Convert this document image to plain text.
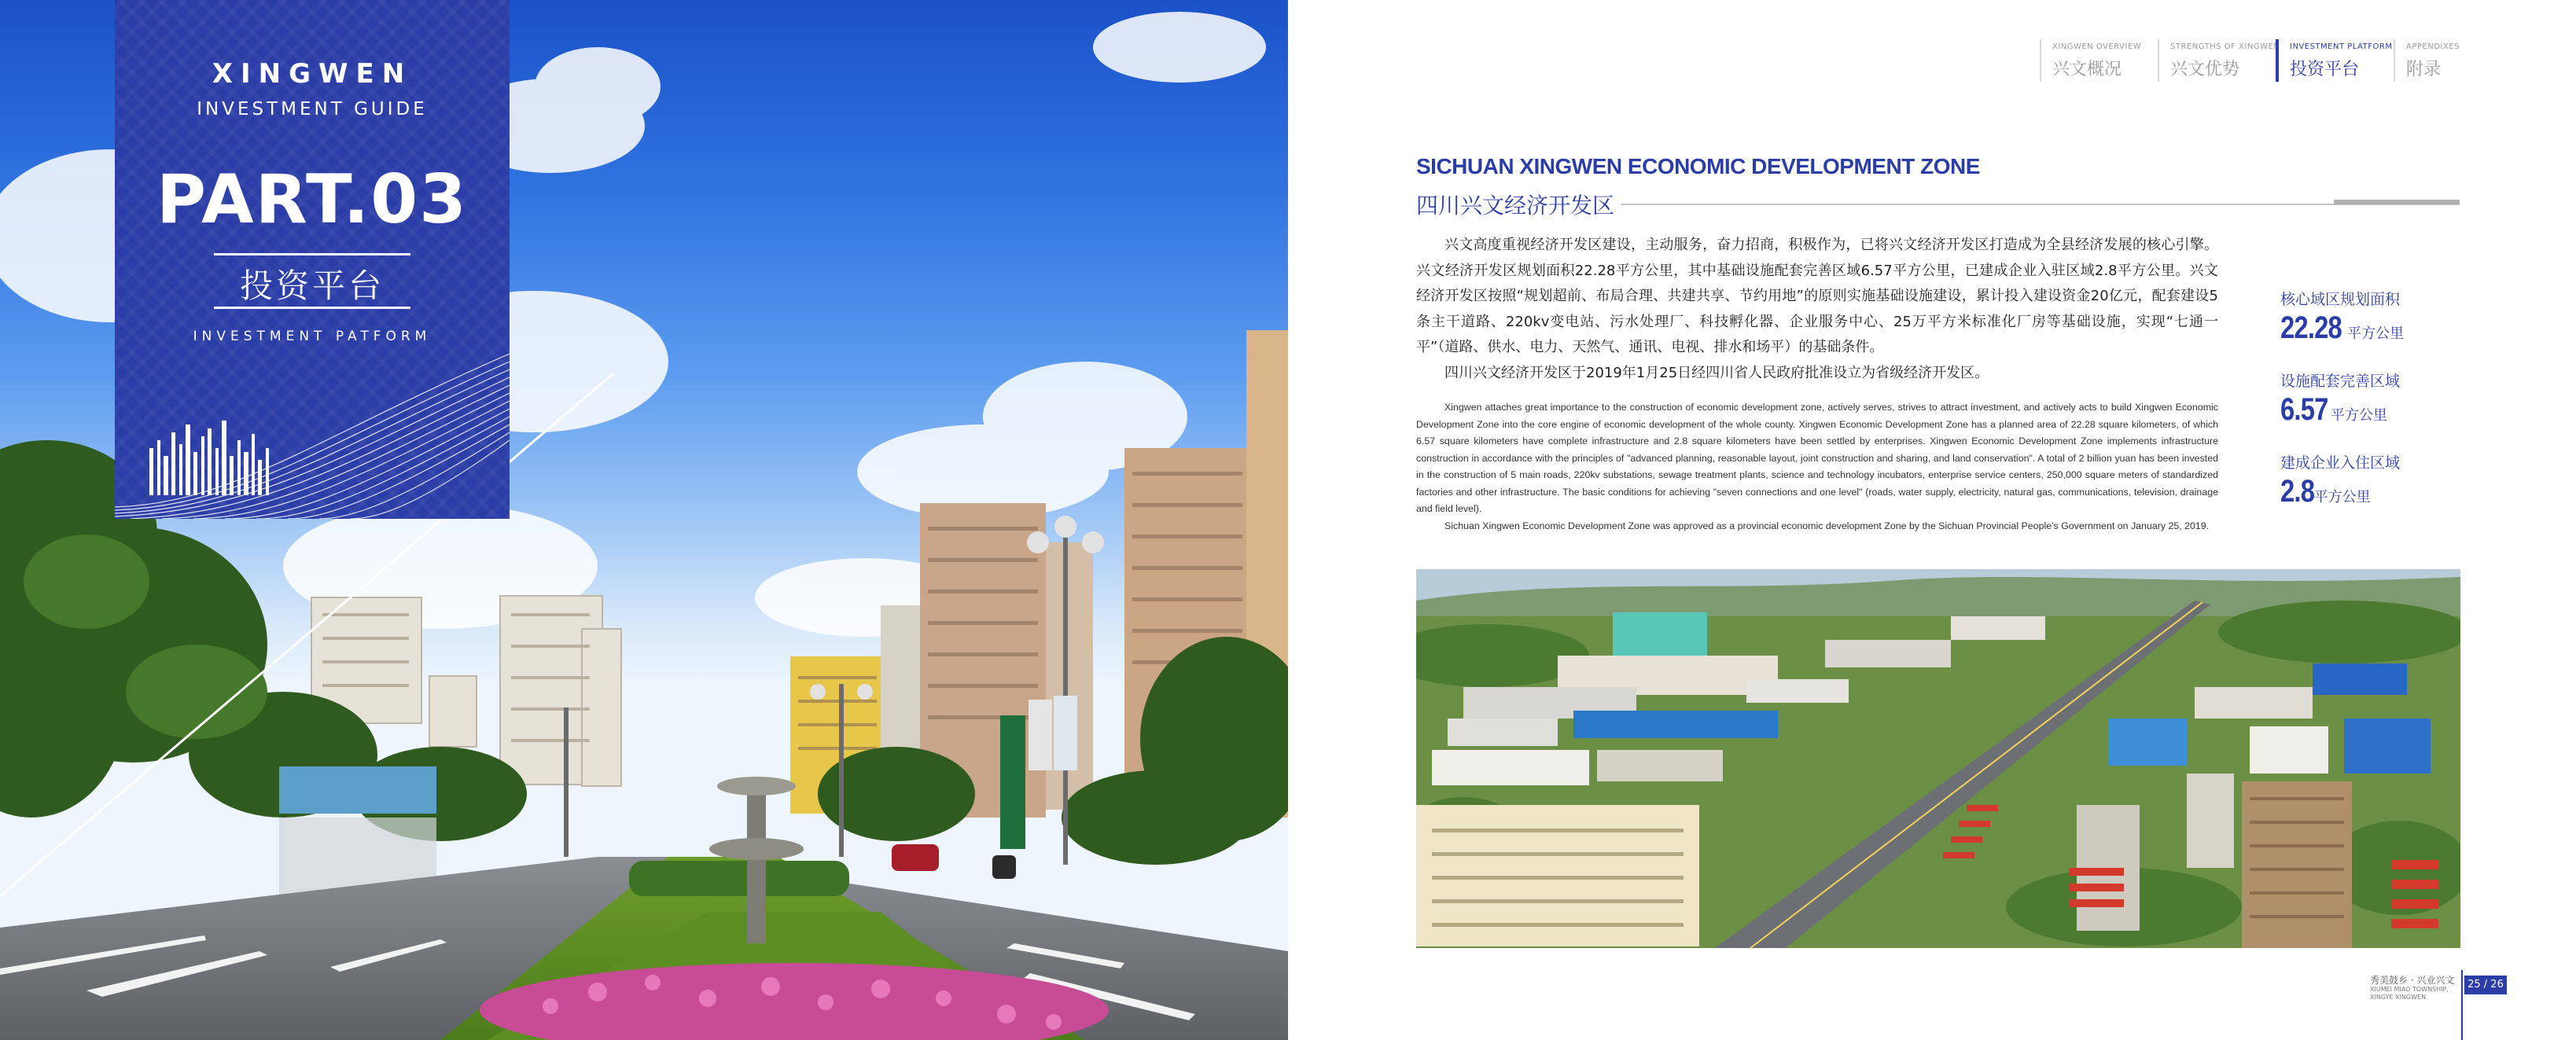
XINGWEN
INVESTMENT GUIDE
PART.03
投资平台
INVESTMENT PATFORM
XINGWEN OVERVIEW
兴文概况
STRENGTHS OF XINGWEN
兴文优势
INVESTMENT PLATFORM
投资平台
APPENDIXES
附录
SICHUAN XINGWEN ECONOMIC DEVELOPMENT ZONE
四川兴文经济开发区

兴文高度重视经济开发区建设，主动服务，奋力招商，积极作为，已将兴文经济开发区打造成为全县经济发展的核心引擎。兴文经济开发区规划面积22.28平方公里，其中基础设施配套完善区域6.57平方公里，已建成企业入驻区域2.8平方公里。兴文经济开发区按照“规划超前、布局合理、共建共享、节约用地”的原则实施基础设施建设，累计投入建设资金20亿元，配套建设5条主干道路、220kv变电站、污水处理厂、科技孵化器、企业服务中心、25万平方米标准化厂房等基础设施，实现“七通一平”（道路、供水、电力、天然气、通讯、电视、排水和场平）的基础条件。

四川兴文经济开发区于2019年1月25日经四川省人民政府批准设立为省级经济开发区。

Xingwen attaches great importance to the construction of economic development zone, actively serves, strives to attract investment, and actively acts to build Xingwen Economic Development Zone into the core engine of economic development of the whole county. Xingwen Economic Development Zone has a planned area of 22.28 square kilometers, of which 6.57 square kilometers have complete infrastructure and 2.8 square kilometers have been settled by enterprises. Xingwen Economic Development Zone implements infrastructure construction in accordance with the principles of "advanced planning, reasonable layout, joint construction and sharing, and land conservation". A total of 2 billion yuan has been invested in the construction of 5 main roads, 220kv substations, sewage treatment plants, science and technology incubators, enterprise service centers, 250,000 square meters of standardized factories and other infrastructure. The basic conditions for achieving "seven connections and one level" (roads, water supply, electricity, natural gas, communications, television, drainage and field level).

Sichuan Xingwen Economic Development Zone was approved as a provincial economic development Zone by the Sichuan Provincial People's Government on January 25, 2019.

核心域区规划面积
22.28 平方公里
设施配套完善区域
6.57 平方公里
建成企业入住区域
2.8平方公里
秀美鼓乡 · 兴业兴文
XIUMEI MIAO TOWNSHIP,
XINGYE XINGWEN
25 / 26
